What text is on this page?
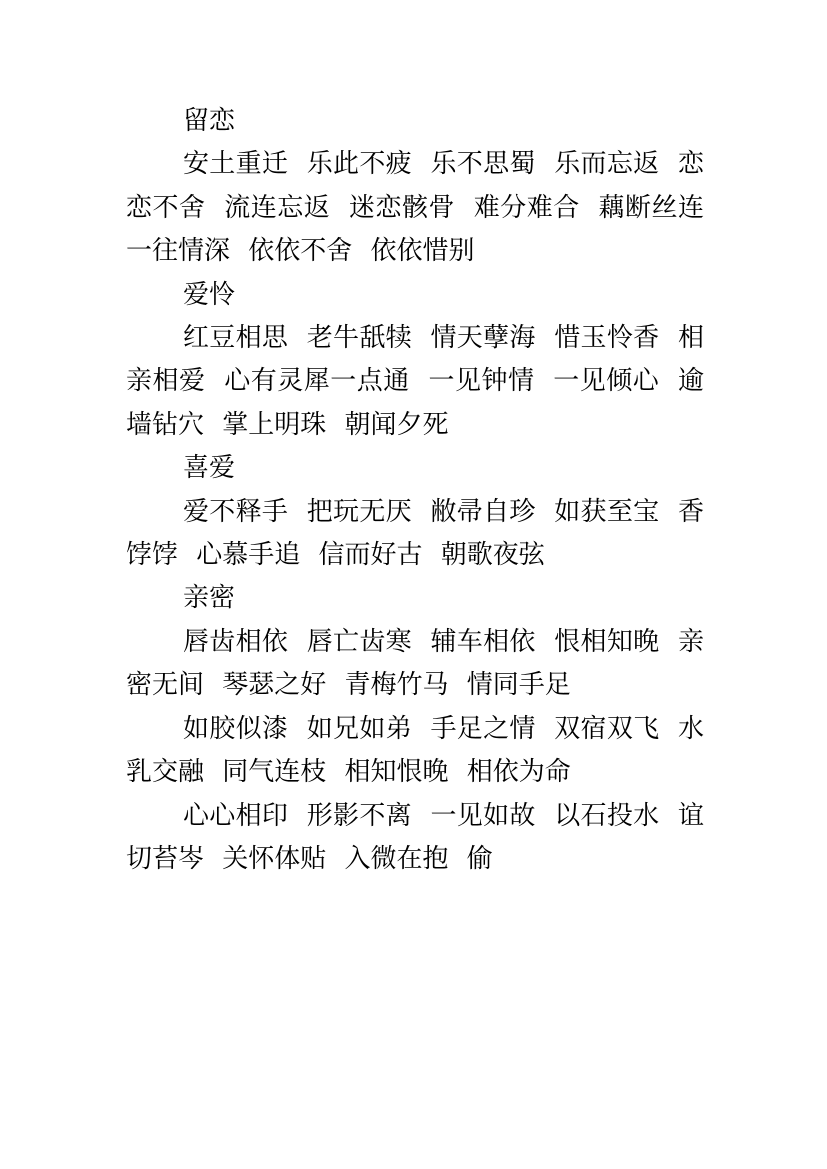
留恋
安土重迁 乐此不疲 乐不思蜀 乐而忘返 恋恋不舍 流连忘返 迷恋骸骨 难分难合 藕断丝连 一往情深 依依不舍 依依惜别
爱怜
红豆相思 老牛舐犊 情天孽海 惜玉怜香 相亲相爱 心有灵犀一点通 一见钟情 一见倾心 逾墙钻穴 掌上明珠 朝闻夕死
喜爱
爱不释手 把玩无厌 敝帚自珍 如获至宝 香饽饽 心慕手追 信而好古 朝歌夜弦
亲密
唇齿相依 唇亡齿寒 辅车相依 恨相知晚 亲密无间 琴瑟之好 青梅竹马 情同手足
如胶似漆 如兄如弟 手足之情 双宿双飞 水乳交融 同气连枝 相知恨晚 相依为命
心心相印 形影不离 一见如故 以石投水 谊切苔岑 关怀体贴 入微在抱 偷
